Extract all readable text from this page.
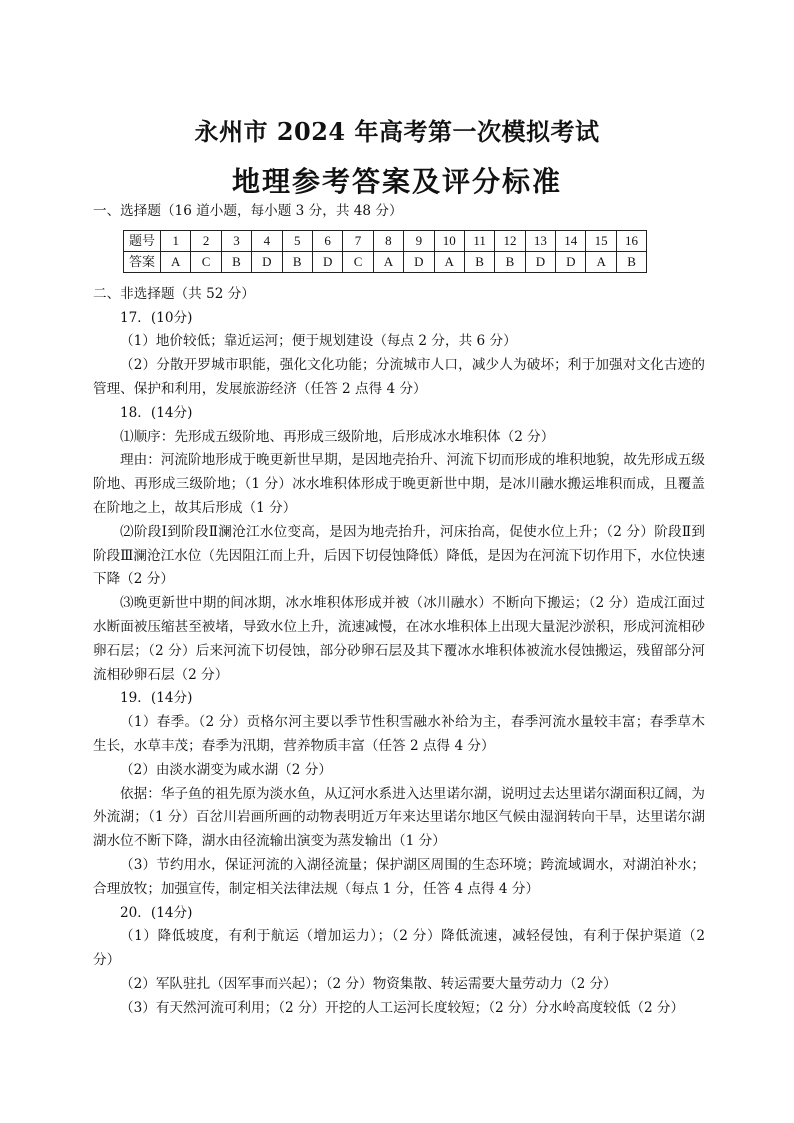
永州市 2024 年高考第一次模拟考试
地理参考答案及评分标准

一、选择题（16 道小题，每小题 3 分，共 48 分）

题号	1	2	3	4	5	6	7	8	9	10	11	12	13	14	15	16
答案	A	C	B	D	B	D	C	A	D	A	B	B	D	D	A	B

二、非选择题（共 52 分）

17．(10分)

（1）地价较低；靠近运河；便于规划建设（每点 2 分，共 6 分）

（2）分散开罗城市职能，强化文化功能；分流城市人口，减少人为破坏；利于加强对文化古迹的管理、保护和利用，发展旅游经济（任答 2 点得 4 分）

18．(14分)

⑴顺序：先形成五级阶地、再形成三级阶地，后形成冰水堆积体（2 分）

理由：河流阶地形成于晚更新世早期，是因地壳抬升、河流下切而形成的堆积地貌，故先形成五级阶地、再形成三级阶地；（1 分）冰水堆积体形成于晚更新世中期，是冰川融水搬运堆积而成，且覆盖在阶地之上，故其后形成（1 分）

⑵阶段Ⅰ到阶段Ⅱ澜沧江水位变高，是因为地壳抬升，河床抬高，促使水位上升；（2 分）阶段Ⅱ到阶段Ⅲ澜沧江水位（先因阻江而上升，后因下切侵蚀降低）降低，是因为在河流下切作用下，水位快速下降（2 分）

⑶晚更新世中期的间冰期，冰水堆积体形成并被（冰川融水）不断向下搬运；（2 分）造成江面过水断面被压缩甚至被堵，导致水位上升，流速减慢，在冰水堆积体上出现大量泥沙淤积，形成河流相砂卵石层；（2 分）后来河流下切侵蚀，部分砂卵石层及其下覆冰水堆积体被流水侵蚀搬运，残留部分河流相砂卵石层（2 分）

19．(14分)

（1）春季。（2 分）贡格尔河主要以季节性积雪融水补给为主，春季河流水量较丰富；春季草木生长，水草丰茂；春季为汛期，营养物质丰富（任答 2 点得 4 分）

（2）由淡水湖变为咸水湖（2 分）

依据：华子鱼的祖先原为淡水鱼，从辽河水系进入达里诺尔湖，说明过去达里诺尔湖面积辽阔，为外流湖；（1 分）百岔川岩画所画的动物表明近万年来达里诺尔地区气候由湿润转向干旱，达里诺尔湖湖水位不断下降，湖水由径流输出演变为蒸发输出（1 分）

（3）节约用水，保证河流的入湖径流量；保护湖区周围的生态环境；跨流域调水，对湖泊补水；合理放牧；加强宣传，制定相关法律法规（每点 1 分，任答 4 点得 4 分）

20．(14分)

（1）降低坡度，有利于航运（增加运力）；（2 分）降低流速，减轻侵蚀，有利于保护渠道（2 分）

（2）军队驻扎（因军事而兴起）；（2 分）物资集散、转运需要大量劳动力（2 分）

（3）有天然河流可利用；（2 分）开挖的人工运河长度较短；（2 分）分水岭高度较低（2 分）
